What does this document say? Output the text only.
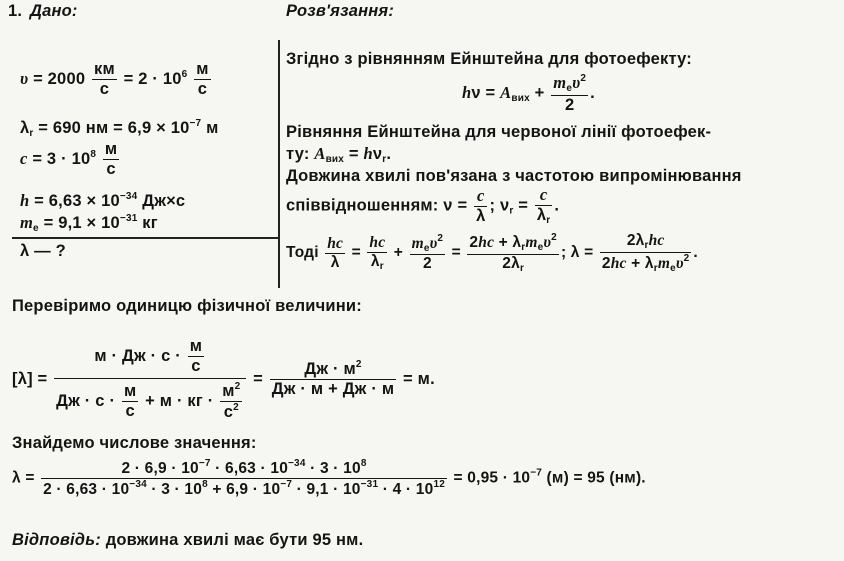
1. Дано:	Розв'язання:
υ = 2000
км
с
= $2 \cdot 10^6$ м
с
$\lambda_r = 690$ нм = $6,9 \times 10^{-7}$ м
$c = 3 \cdot 10^8$ м
с
$h = 6,63 \times 10^{-34}$ Дж×с
$m_e = 9,1 \times 10^{-31}$ кг
λ — ?
Згідно з рівнянням Ейнштейна для фотоефекту:
$h\nu = A_{вих}$ +
$m_e\upsilon^2$
2
.
Рівняння Ейнштейна для червоної лінії фотоефек-
ту: $A_{вих} = h\nu_r$.
Довжина хвилі пов'язана з частотою випромінювання
співвідношенням: $\nu = \frac{c}{\lambda}$ ; $\nu_r = \frac{c}{\lambda_r}$ .
Тоді $\frac{hc}{\lambda} = \frac{hc}{\lambda_r}$ +
$m_e\upsilon^2$
2
=
$2hc + \lambda_rm_e\upsilon^2$
$2\lambda_r$
; λ =
$2\lambda_rhc$
$2hc + \lambda_rm_e\upsilon^2$ .
Перевіримо одиницю фізичної величини:
[λ] =
м · Дж · с ·
м
с
Дж · с ·
м
с
+ м · кг ·
$м^2$
$с^2$
=
Дж · $м^2$
Дж · м + Дж · м
= м.
Знайдемо числове значення:
λ =
$2 \cdot 6,9 \cdot 10^{-7} \cdot 6,63 \cdot 10^{-34} \cdot 3 \cdot 10^8$
$2 \cdot 6,63 \cdot 10^{-34} \cdot 3 \cdot 10^8 + 6,9 \cdot 10^{-7} \cdot 9,1 \cdot 10^{-31} \cdot 4 \cdot 10^{12} = 0,95 \cdot 10^{-7}$ (м) = 95 (нм).
Відповідь: довжина хвилі має бути 95 нм.
